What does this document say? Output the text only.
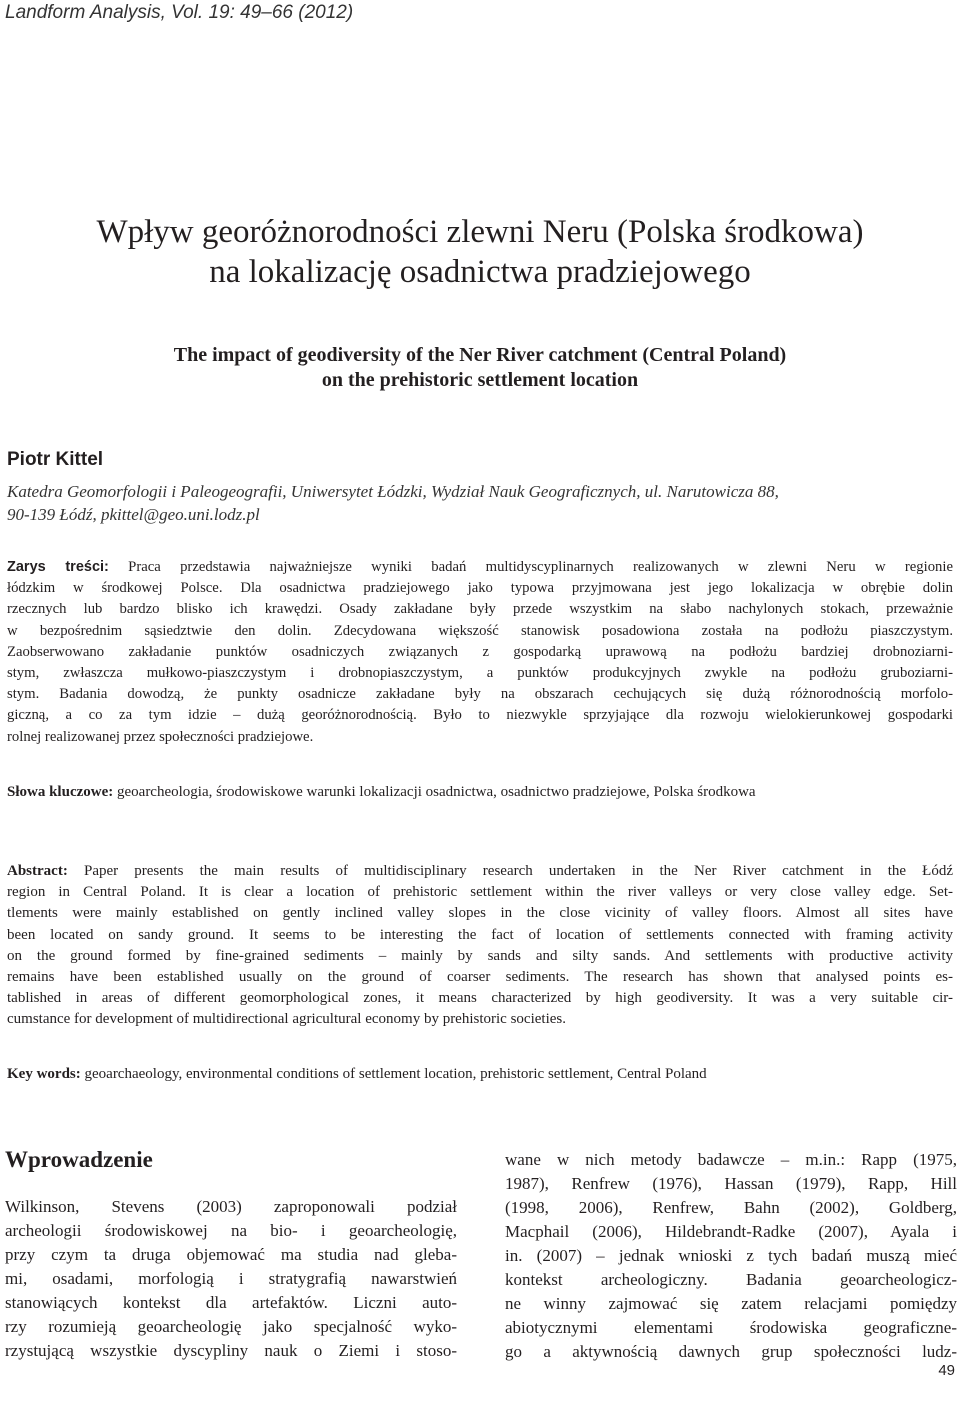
Landform Analysis, Vol. 19: 49–66 (2012)
Wpływ georóżnorodności zlewni Neru (Polska środkowa)
na lokalizację osadnictwa pradziejowego
The impact of geodiversity of the Ner River catchment (Central Poland)
on the prehistoric settlement location
Piotr Kittel
Katedra Geomorfologii i Paleogeografii, Uniwersytet Łódzki, Wydział Nauk Geograficznych, ul. Narutowicza 88,
90-139 Łódź, pkittel@geo.uni.lodz.pl
Zarys treści: Praca przedstawia najważniejsze wyniki badań multidyscyplinarnych realizowanych w zlewni Neru w regionie
łódzkim w środkowej Polsce. Dla osadnictwa pradziejowego jako typowa przyjmowana jest jego lokalizacja w obrębie dolin
rzecznych lub bardzo blisko ich krawędzi. Osady zakładane były przede wszystkim na słabo nachylonych stokach, przeważnie
w bezpośrednim sąsiedztwie den dolin. Zdecydowana większość stanowisk posadowiona została na podłożu piaszczystym.
Zaobserwowano zakładanie punktów osadniczych związanych z gospodarką uprawową na podłożu bardziej drobnoziarni-
stym, zwłaszcza mułkowo-piaszczystym i drobnopiaszczystym, a punktów produkcyjnych zwykle na podłożu gruboziarni-
stym. Badania dowodzą, że punkty osadnicze zakładane były na obszarach cechujących się dużą różnorodnością morfolo-
giczną, a co za tym idzie – dużą georóżnorodnością. Było to niezwykle sprzyjające dla rozwoju wielokierunkowej gospodarki
rolnej realizowanej przez społeczności pradziejowe.
Słowa kluczowe: geoarcheologia, środowiskowe warunki lokalizacji osadnictwa, osadnictwo pradziejowe, Polska środkowa
Abstract: Paper presents the main results of multidisciplinary research undertaken in the Ner River catchment in the Łódź
region in Central Poland. It is clear a location of prehistoric settlement within the river valleys or very close valley edge. Set-
tlements were mainly established on gently inclined valley slopes in the close vicinity of valley floors. Almost all sites have
been located on sandy ground. It seems to be interesting the fact of location of settlements connected with framing activity
on the ground formed by fine-grained sediments – mainly by sands and silty sands. And settlements with productive activity
remains have been established usually on the ground of coarser sediments. The research has shown that analysed points es-
tablished in areas of different geomorphological zones, it means characterized by high geodiversity. It was a very suitable cir-
cumstance for development of multidirectional agricultural economy by prehistoric societies.
Key words: geoarchaeology, environmental conditions of settlement location, prehistoric settlement, Central Poland
Wprowadzenie
Wilkinson, Stevens (2003) zaproponowali podział
archeologii środowiskowej na bio- i geoarcheologię,
przy czym ta druga objemować ma studia nad gleba-
mi, osadami, morfologią i stratygrafią nawarstwień
stanowiących kontekst dla artefaktów. Liczni auto-
rzy rozumieją geoarcheologię jako specjalność wyko-
rzystującą wszystkie dyscypliny nauk o Ziemi i stoso-
wane w nich metody badawcze – m.in.: Rapp (1975,
1987), Renfrew (1976), Hassan (1979), Rapp, Hill
(1998, 2006), Renfrew, Bahn (2002), Goldberg,
Macphail (2006), Hildebrandt-Radke (2007), Ayala i
in. (2007) – jednak wnioski z tych badań muszą mieć
kontekst archeologiczny. Badania geoarcheologicz-
ne winny zajmować się zatem relacjami pomiędzy
abiotycznymi elementami środowiska geograficzne-
go a aktywnością dawnych grup społeczności ludz-
49
